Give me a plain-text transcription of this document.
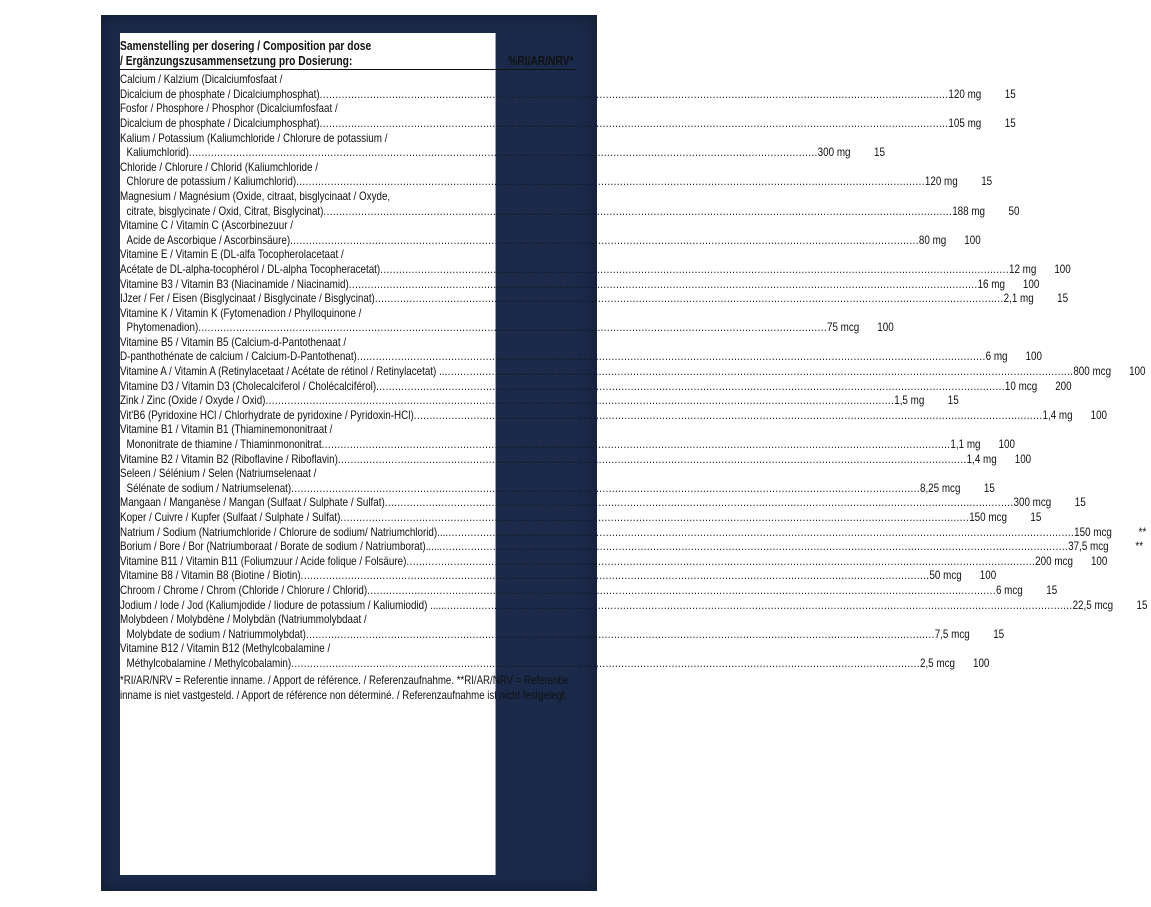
Samenstelling per dosering / Composition par dose
/ Ergänzungszusammensetzung pro Dosierung:	%RI/AR/NRV*
Calcium / Kalzium (Dicalciumfosfaat /
Dicalcium de phosphate / Dicalciumphosphat) ........................................................................................................................................................................................................ 120 mg	15
Fosfor / Phosphore / Phosphor (Dicalciumfosfaat /
Dicalcium de phosphate / Dicalciumphosphat) ........................................................................................................................................................................................................ 105 mg	15
Kalium / Potassium (Kaliumchloride / Chlorure de potassium /
Kaliumchlorid) ........................................................................................................................................................................................................ 300 mg	15
Chloride / Chlorure / Chlorid (Kaliumchloride /
Chlorure de potassium / Kaliumchlorid) ........................................................................................................................................................................................................ 120 mg	15
Magnesium / Magnésium (Oxide, citraat, bisglycinaat / Oxyde,
citrate, bisglycinate / Oxid, Citrat, Bisglycinat) ........................................................................................................................................................................................................ 188 mg	50
Vitamine C / Vitamin C (Ascorbinezuur /
Acide de Ascorbique / Ascorbinsäure) ........................................................................................................................................................................................................ 80 mg	100
Vitamine E / Vitamin E (DL-alfa Tocopherolacetaat /
Acétate de DL-alpha-tocophérol / DL-alpha Tocopheracetat) ........................................................................................................................................................................................................ 12 mg	100
Vitamine B3 / Vitamin B3 (Niacinamide / Niacinamid) ........................................................................................................................................................................................................ 16 mg	100
IJzer / Fer / Eisen (Bisglycinaat / Bisglycinate / Bisglycinat) ........................................................................................................................................................................................................ 2,1 mg	15
Vitamine K / Vitamin K (Fytomenadion / Phylloquinone /
Phytomenadion) ........................................................................................................................................................................................................ 75 mcg	100
Vitamine B5 / Vitamin B5 (Calcium-d-Pantothenaat /
D-panthothénate de calcium / Calcium-D-Pantothenat) ........................................................................................................................................................................................................ 6 mg	100
Vitamine A / Vitamin A (Retinylacetaat / Acétate de rétinol / Retinylacetat) .. ........................................................................................................................................................................................................ 800 mcg	100
Vitamine D3 / Vitamin D3 (Cholecalciferol / Cholécalciférol) ........................................................................................................................................................................................................ 10 mcg	200
Zink / Zinc (Oxide / Oxyde / Oxid) ........................................................................................................................................................................................................ 1,5 mg	15
Vit'B6 (Pyridoxine HCl / Chlorhydrate de pyridoxine / Pyridoxin-HCl) ........................................................................................................................................................................................................ 1,4 mg	100
Vitamine B1 / Vitamin B1 (Thiaminemononitraat /
Mononitrate de thiamine / Thiaminmononitrat ........................................................................................................................................................................................................ 1,1 mg	100
Vitamine B2 / Vitamin B2 (Riboflavine / Riboflavin) ........................................................................................................................................................................................................ 1,4 mg	100
Seleen / Sélénium / Selen (Natriumselenaat /
Sélénate de sodium / Natriumselenat) ........................................................................................................................................................................................................ 8,25 mcg	15
Mangaan / Manganèse / Mangan (Sulfaat / Sulphate / Sulfat) ........................................................................................................................................................................................................ 300 mcg	15
Koper / Cuivre / Kupfer (Sulfaat / Sulphate / Sulfat) ........................................................................................................................................................................................................ 150 mcg	15
Natrium / Sodium (Natriumchloride / Chlorure de sodium/ Natriumchlorid)... ........................................................................................................................................................................................................ 150 mcg	**
Borium / Bore / Bor (Natriumboraat / Borate de sodium / Natriumborat)..... ........................................................................................................................................................................................................ 37,5 mcg	**
Vitamine B11 / Vitamin B11 (Foliumzuur / Acide folique / Folsäure) ........................................................................................................................................................................................................ 200 mcg	100
Vitamine B8 / Vitamin B8 (Biotine / Biotin) ........................................................................................................................................................................................................ 50 mcg	100
Chroom / Chrome / Chrom (Chloride / Chlorure / Chlorid) ........................................................................................................................................................................................................ 6 mcg	15
Jodium / Iode / Jod (Kaliumjodide / Iiodure de potassium / Kaliumiodid) ..... ........................................................................................................................................................................................................ 22,5 mcg	15
Molybdeen / Molybdène / Molybdän (Natriummolybdaat /
Molybdate de sodium / Natriummolybdat) ........................................................................................................................................................................................................ 7,5 mcg	15
Vitamine B12 / Vitamin B12 (Methylcobalamine /
Méthylcobalamine / Methylcobalamin) ........................................................................................................................................................................................................ 2,5 mcg	100
*RI/AR/NRV = Referentie inname. / Apport de référence. / Referenzaufnahme. **RI/AR/NRV = Referentie inname is niet vastgesteld. / Apport de référence non déterminé. / Referenzaufnahme ist nicht festgelegt.
